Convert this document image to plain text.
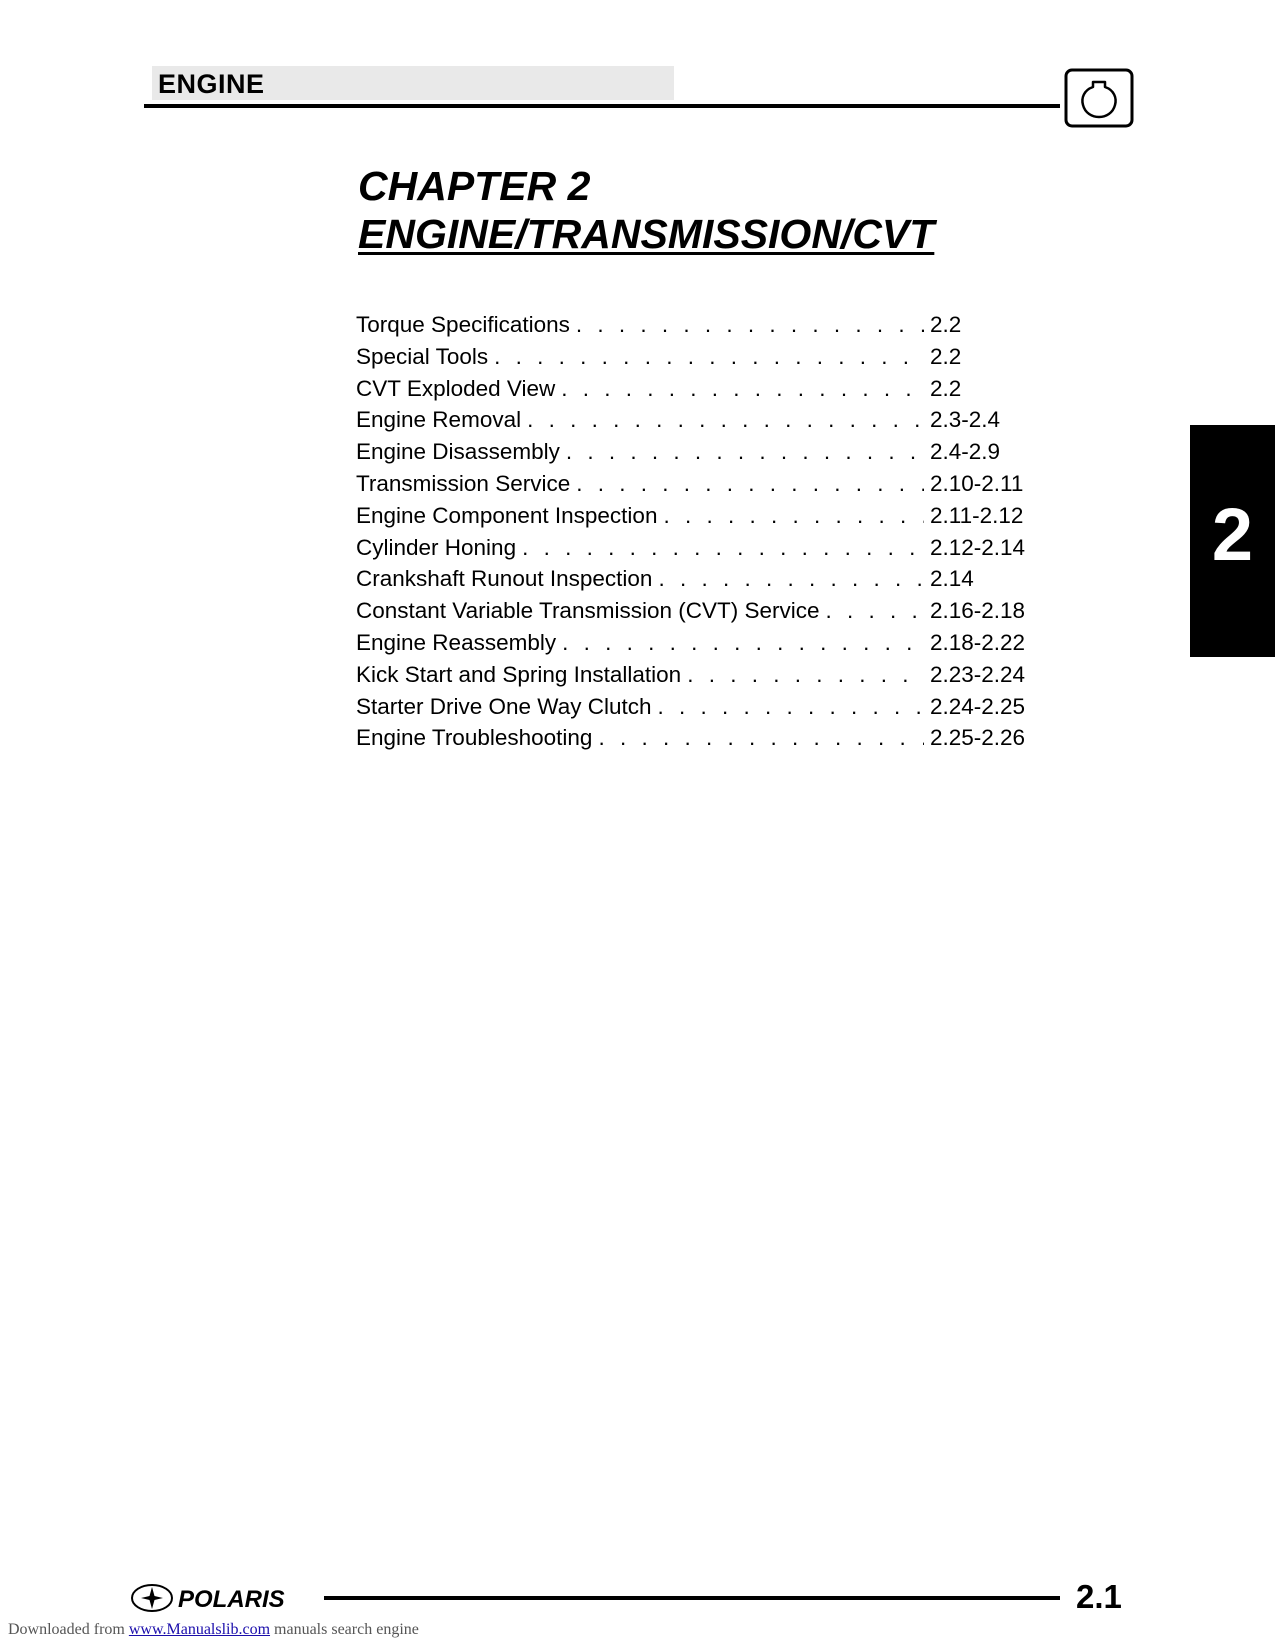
ENGINE
CHAPTER 2
ENGINE/TRANSMISSION/CVT
Torque Specifications . . .	2.2
Special Tools . . .	2.2
CVT Exploded View . . .	2.2
Engine Removal . . .	2.3-2.4
Engine Disassembly . . .	2.4-2.9
Transmission Service . . .	2.10-2.11
Engine Component Inspection . . .	2.11-2.12
Cylinder Honing . . .	2.12-2.14
Crankshaft Runout Inspection . . .	2.14
Constant Variable Transmission (CVT) Service . . .	2.16-2.18
Engine Reassembly . . .	2.18-2.22
Kick Start and Spring Installation . . .	2.23-2.24
Starter Drive One Way Clutch . . .	2.24-2.25
Engine Troubleshooting . . .	2.25-2.26
2
POLARIS	2.1
Downloaded from www.Manualslib.com manuals search engine
